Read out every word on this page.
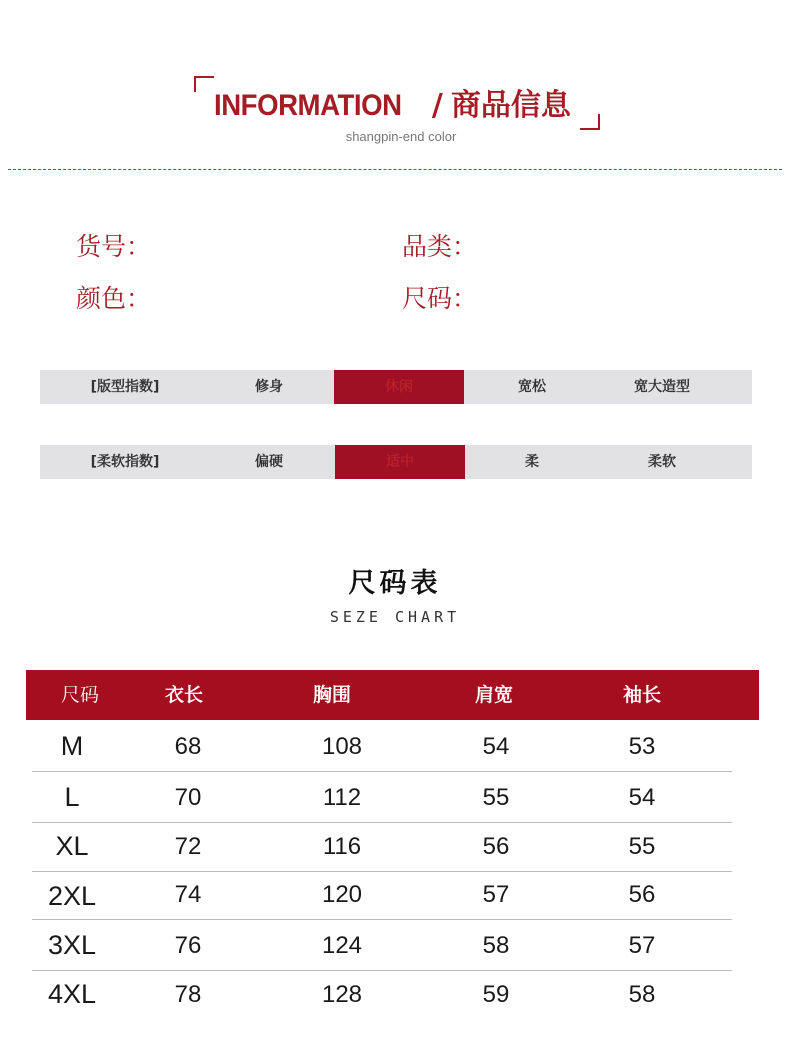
INFORMATION / 商品信息
shangpin-end color
货号：	品类：
颜色：	尺码：
[版型指数]	修身	休闲	宽松	宽大造型
[柔软指数]	偏硬	适中	柔	柔软
尺码表
SEZE CHART
尺码	衣长	胸围	肩宽	袖长
M	68	108	54	53
L	70	112	55	54
XL	72	116	56	55
2XL	74	120	57	56
3XL	76	124	58	57
4XL	78	128	59	58
